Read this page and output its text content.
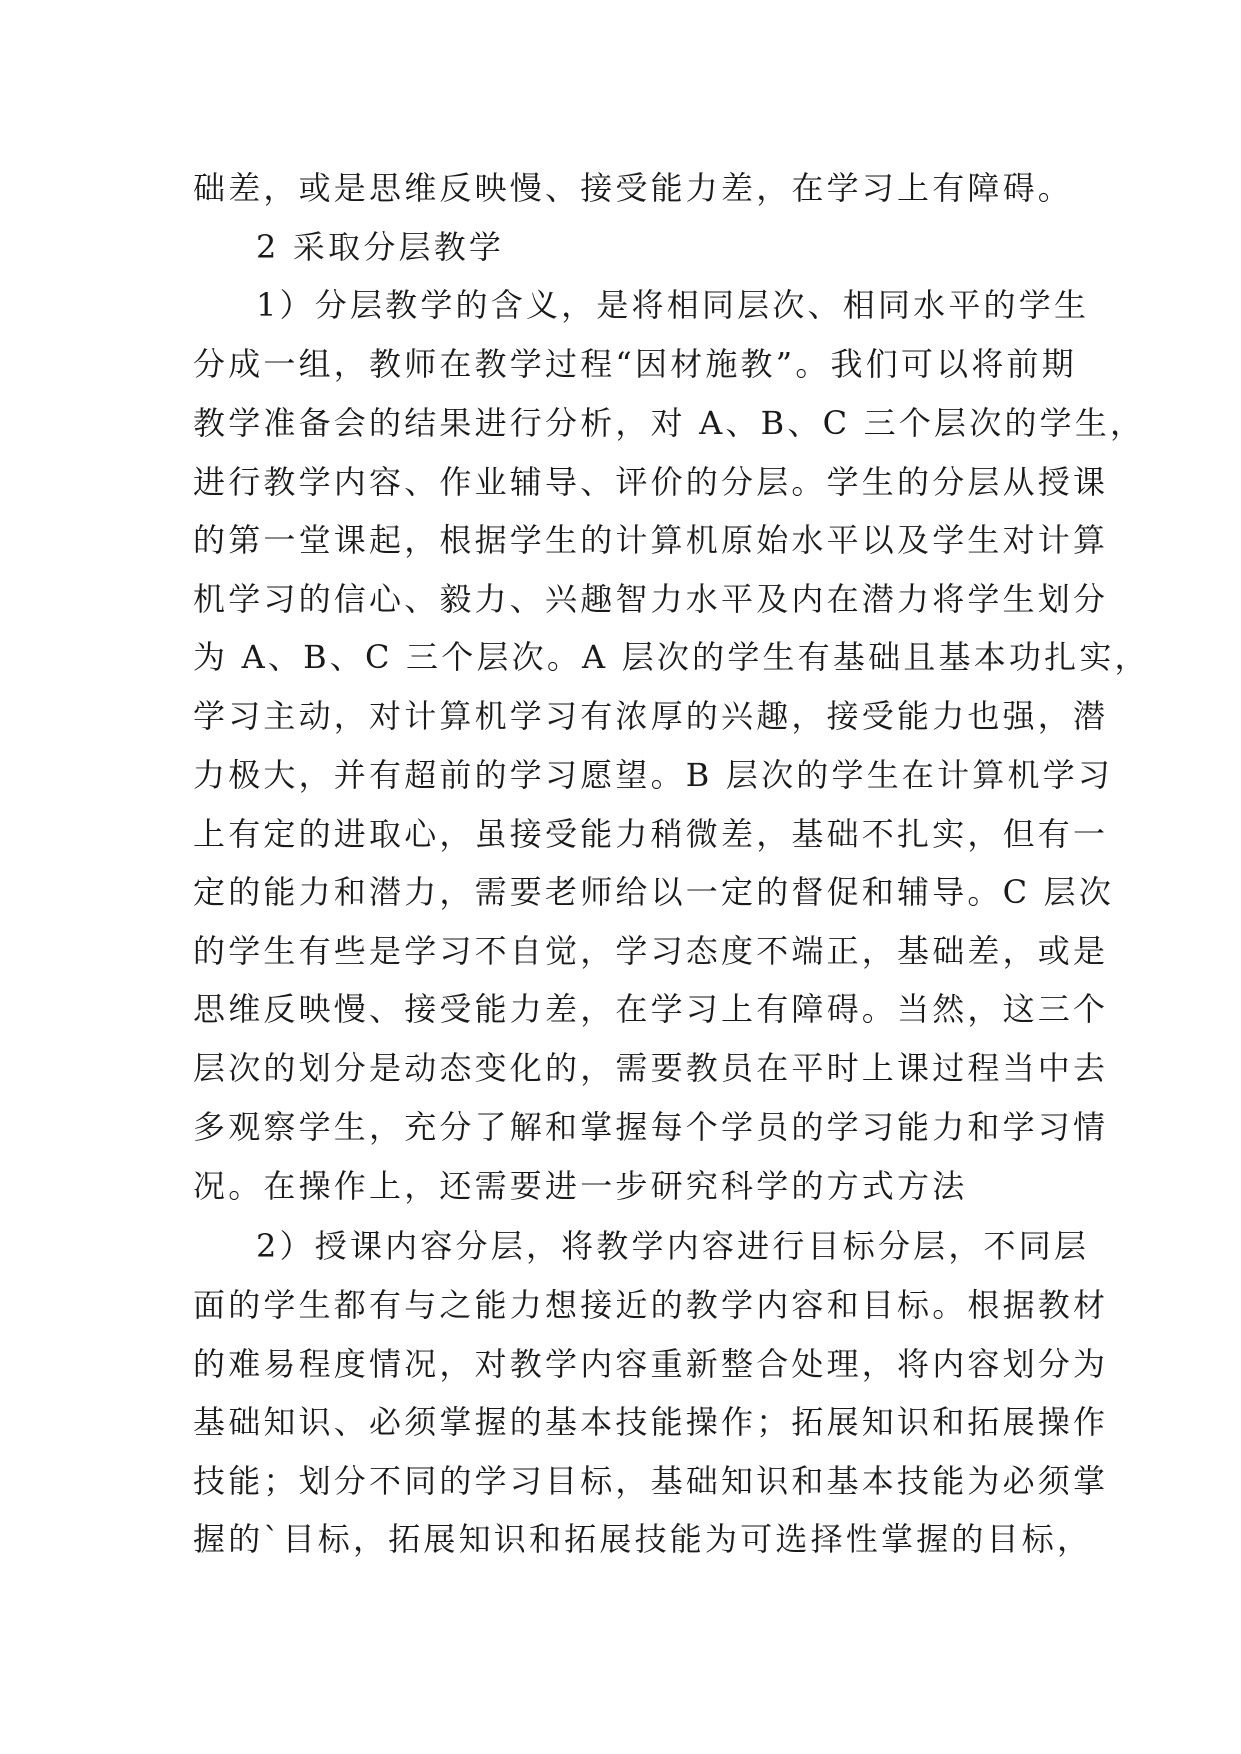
础差，或是思维反映慢、接受能力差，在学习上有障碍。

2 采取分层教学

1）分层教学的含义，是将相同层次、相同水平的学生

分成一组，教师在教学过程“因材施教”。我们可以将前期

教学准备会的结果进行分析，对 A、B、C 三个层次的学生，

进行教学内容、作业辅导、评价的分层。学生的分层从授课

的第一堂课起，根据学生的计算机原始水平以及学生对计算

机学习的信心、毅力、兴趣智力水平及内在潜力将学生划分

为 A、B、C 三个层次。A 层次的学生有基础且基本功扎实，

学习主动，对计算机学习有浓厚的兴趣，接受能力也强，潜

力极大，并有超前的学习愿望。B 层次的学生在计算机学习

上有定的进取心，虽接受能力稍微差，基础不扎实，但有一

定的能力和潜力，需要老师给以一定的督促和辅导。C 层次

的学生有些是学习不自觉，学习态度不端正，基础差，或是

思维反映慢、接受能力差，在学习上有障碍。当然，这三个

层次的划分是动态变化的，需要教员在平时上课过程当中去

多观察学生，充分了解和掌握每个学员的学习能力和学习情

况。在操作上，还需要进一步研究科学的方式方法

2）授课内容分层，将教学内容进行目标分层，不同层

面的学生都有与之能力想接近的教学内容和目标。根据教材

的难易程度情况，对教学内容重新整合处理，将内容划分为

基础知识、必须掌握的基本技能操作；拓展知识和拓展操作

技能；划分不同的学习目标，基础知识和基本技能为必须掌

握的`目标，拓展知识和拓展技能为可选择性掌握的目标，
